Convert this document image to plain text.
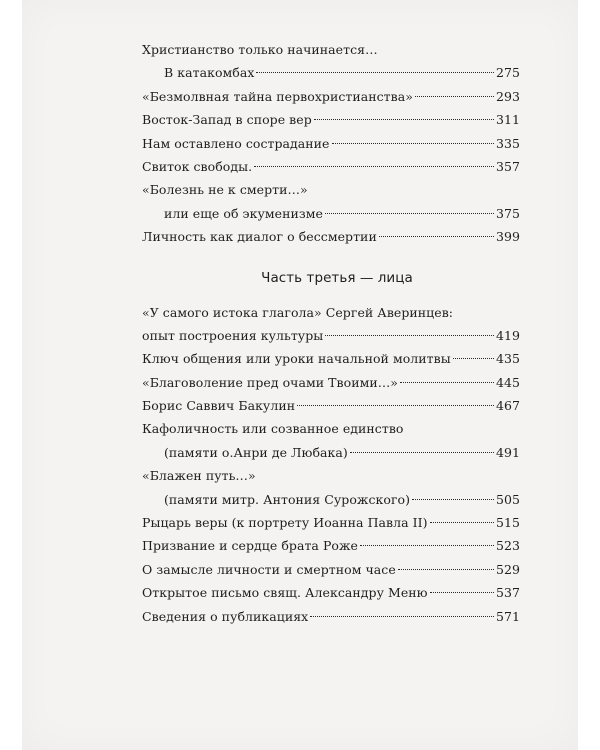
Христианство только начинается…
В катакомбах	275
«Безмолвная тайна первохристианства»	293
Восток-Запад в споре вер	311
Нам оставлено сострадание	335
Свиток свободы.	357
«Болезнь не к смерти…»
или еще об экуменизме	375
Личность как диалог о бессмертии	399
Часть третья — лица
«У самого истока глагола» Сергей Аверинцев:
опыт построения культуры	419
Ключ общения или уроки начальной молитвы	435
«Благоволение пред очами Твоими…»	445
Борис Саввич Бакулин	467
Кафоличность или созванное единство
(памяти о.Анри де Любака)	491
«Блажен путь…»
(памяти митр. Антония Сурожского)	505
Рыцарь веры (к портрету Иоанна Павла II)	515
Призвание и сердце брата Роже	523
О замысле личности и смертном часе	529
Открытое письмо свящ. Александру Меню	537
Сведения о публикациях	571
